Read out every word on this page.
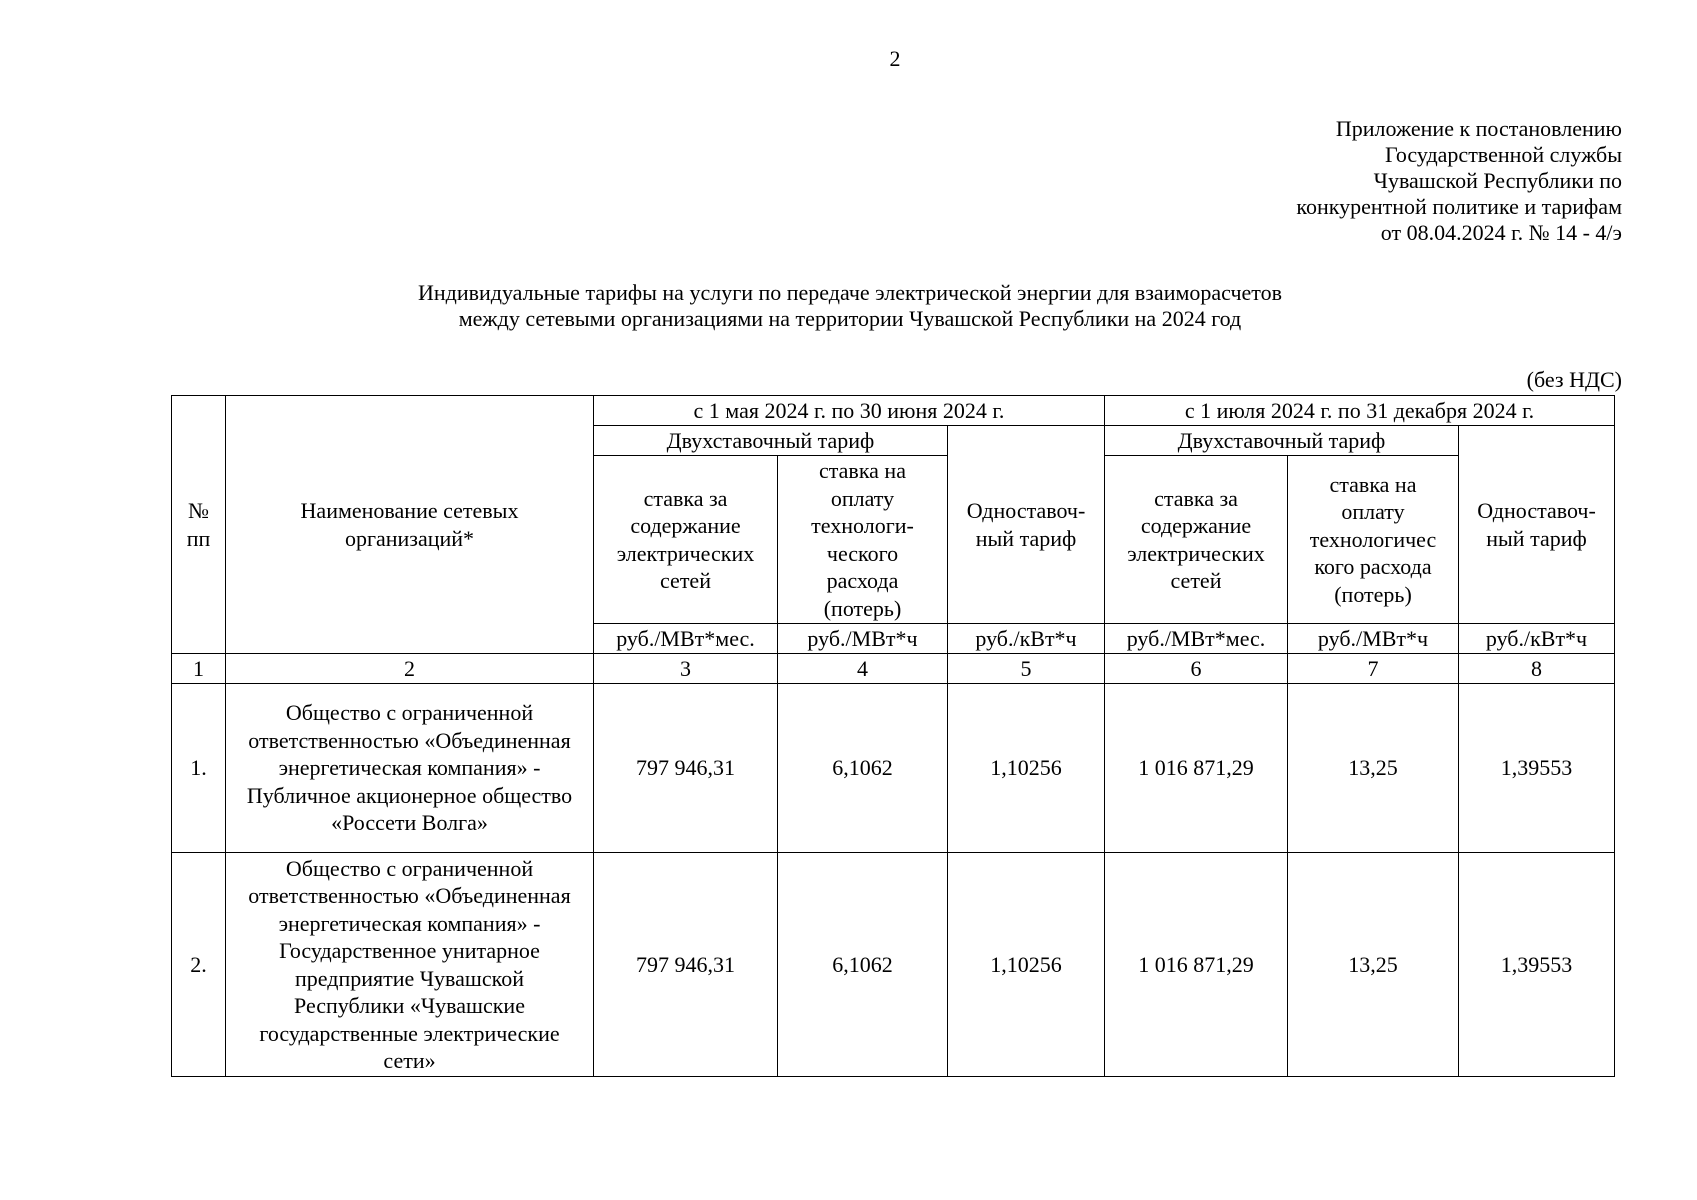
2
Приложение к постановлению
Государственной службы
Чувашской Республики по
конкурентной политике и тарифам
от 08.04.2024 г. № 14 - 4/э
Индивидуальные тарифы на услуги по передаче электрической энергии для взаиморасчетов
между сетевыми организациями на территории Чувашской Республики на 2024 год
(без НДС)
№ пп	Наименование сетевых организаций*	с 1 мая 2024 г. по 30 июня 2024 г.			с 1 июля 2024 г. по 31 декабря 2024 г.		
		Двухставочный тариф		Одноставоч-ный тариф	Двухставочный тариф		Одноставоч-ный тариф
		ставка за содержание электрических сетей	ставка на оплату технологи-ческого расхода (потерь)		ставка за содержание электрических сетей	ставка на оплату технологичес кого расхода (потерь)	
		руб./МВт*мес.	руб./МВт*ч	руб./кВт*ч	руб./МВт*мес.	руб./МВт*ч	руб./кВт*ч
1	2	3	4	5	6	7	8
1.	Общество с ограниченной ответственностью «Объединенная энергетическая компания» - Публичное акционерное общество «Россети Волга»	797 946,31	6,1062	1,10256	1 016 871,29	13,25	1,39553
2.	Общество с ограниченной ответственностью «Объединенная энергетическая компания» - Государственное унитарное предприятие Чувашской Республики «Чувашские государственные электрические сети»	797 946,31	6,1062	1,10256	1 016 871,29	13,25	1,39553
